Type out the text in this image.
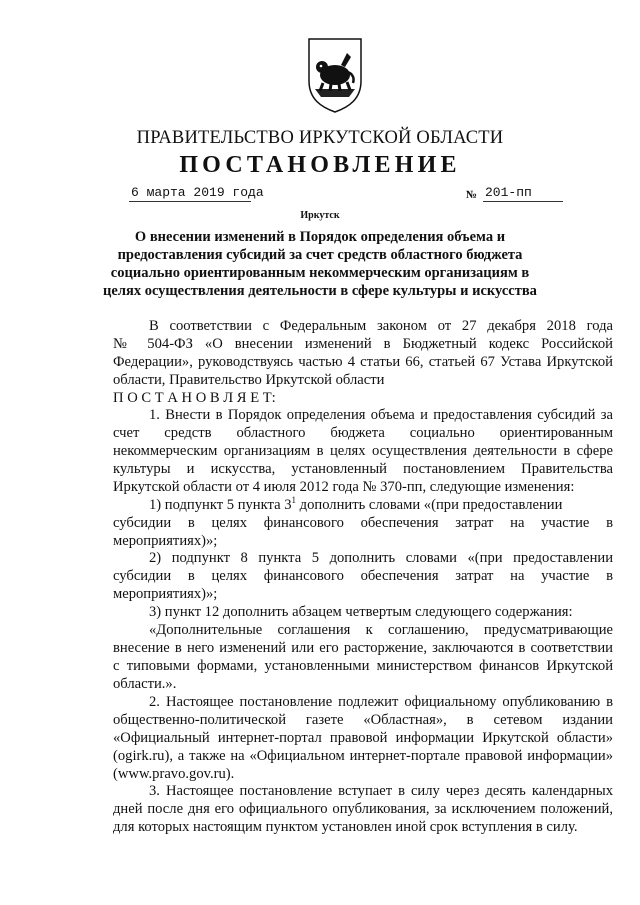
ПРАВИТЕЛЬСТВО ИРКУТСКОЙ ОБЛАСТИ
ПОСТАНОВЛЕНИЕ
6 марта 2019 года	№ 201-пп
Иркутск
О внесении изменений в Порядок определения объема и предоставления субсидий за счет средств областного бюджета социально ориентированным некоммерческим организациям в целях осуществления деятельности в сфере культуры и искусства
В соответствии с Федеральным законом от 27 декабря 2018 года
№ 504-ФЗ «О внесении изменений в Бюджетный кодекс Российской
Федерации», руководствуясь частью 4 статьи 66, статьей 67 Устава Иркутской
области, Правительство Иркутской области
П О С Т А Н О В Л Я Е Т:
1. Внести в Порядок определения объема и предоставления субсидий за
счет средств областного бюджета социально ориентированным
некоммерческим организациям в целях осуществления деятельности в сфере
культуры и искусства, установленный постановлением Правительства
Иркутской области от 4 июля 2012 года № 370-пп, следующие изменения:
1) подпункт 5 пункта $3^1$ дополнить словами «(при предоставлении
субсидии в целях финансового обеспечения затрат на участие в
мероприятиях)»;
2) подпункт 8 пункта 5 дополнить словами «(при предоставлении
субсидии в целях финансового обеспечения затрат на участие в
мероприятиях)»;
3) пункт 12 дополнить абзацем четвертым следующего содержания:
«Дополнительные соглашения к соглашению, предусматривающие
внесение в него изменений или его расторжение, заключаются в соответствии
с типовыми формами, установленными министерством финансов Иркутской
области.».
2. Настоящее постановление подлежит официальному опубликованию в
общественно-политической газете «Областная», в сетевом издании
«Официальный интернет-портал правовой информации Иркутской области»
(ogirk.ru), а также на «Официальном интернет-портале правовой информации»
(www.pravo.gov.ru).
3. Настоящее постановление вступает в силу через десять календарных
дней после дня его официального опубликования, за исключением положений,
для которых настоящим пунктом установлен иной срок вступления в силу.
